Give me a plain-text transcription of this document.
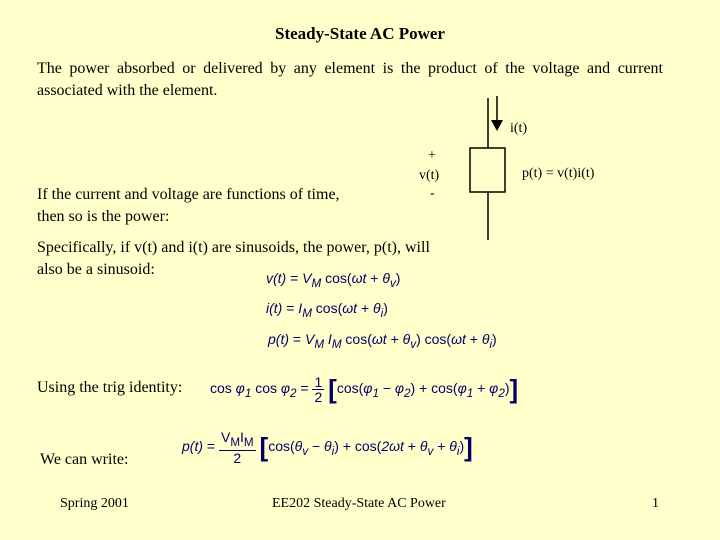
Steady-State AC Power
The power absorbed or delivered by any element is the product of the voltage and current associated with the element.
i(t)
+
v(t)
-
p(t) = v(t)i(t)
If the current and voltage are functions of time, then so is the power:
Specifically, if v(t) and i(t) are sinusoids, the power, p(t), will also be a sinusoid:	$v(t) = V_M$ $\cos(\omega t + \theta_v)$
$i(t) = I_M$ $\cos(\omega t + \theta_i)$
$p(t) = V_M$ $I_M$ $\cos(\omega t + \theta_v)$ $\cos(\omega t + \theta_i)$
Using the trig identity: $\cos \varphi_1$ $\cos \varphi_2 = \frac{1}{2} [\cos(\varphi_1 - \varphi_2) + \cos(\varphi_1 + \varphi_2)]$
We can write:
$p(t) = \frac{V_MI_M}{2} [\cos(\theta_v - \theta_i) + \cos(2\omega t + \theta_v + \theta_i)]$
Spring 2001	EE202 Steady-State AC Power	1
